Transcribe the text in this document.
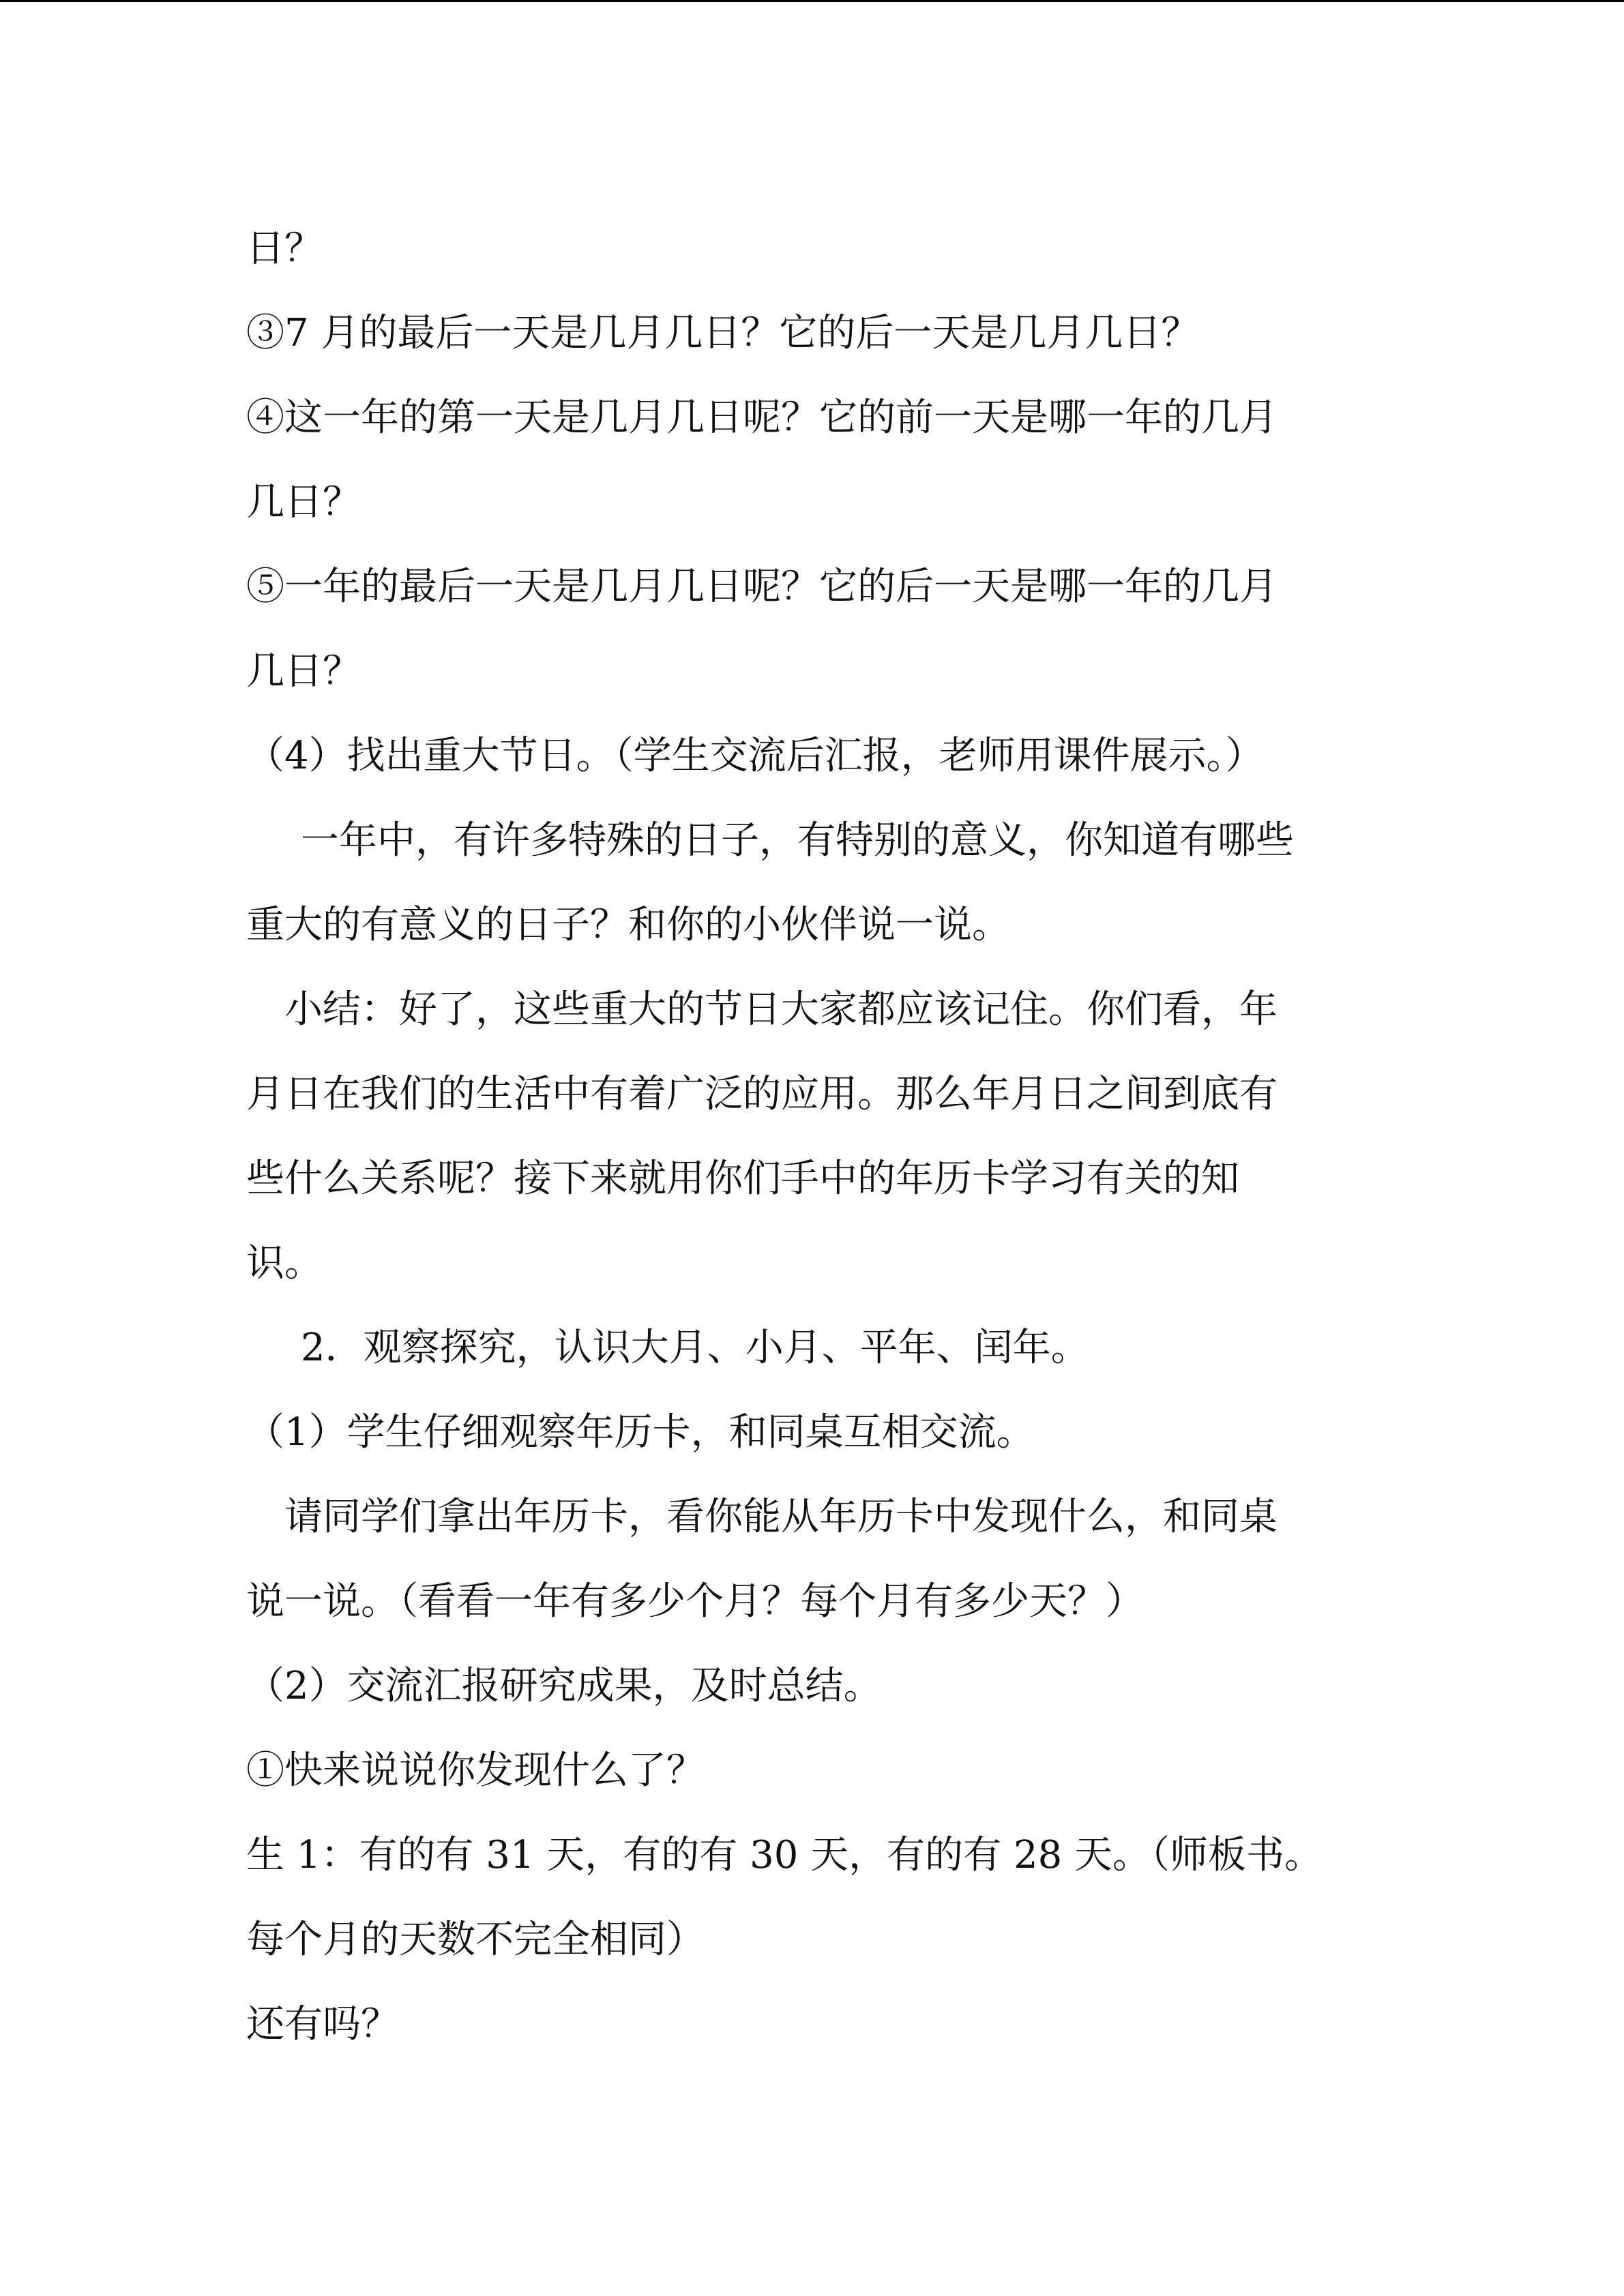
日？
③7 月的最后一天是几月几日？它的后一天是几月几日？
④这一年的第一天是几月几日呢？它的前一天是哪一年的几月
几日？
⑤一年的最后一天是几月几日呢？它的后一天是哪一年的几月
几日？
（4）找出重大节日。（学生交流后汇报，老师用课件展示。）
一年中，有许多特殊的日子，有特别的意义，你知道有哪些
重大的有意义的日子？和你的小伙伴说一说。
小结：好了，这些重大的节日大家都应该记住。你们看，年
月日在我们的生活中有着广泛的应用。那么年月日之间到底有
些什么关系呢？接下来就用你们手中的年历卡学习有关的知
识。
2．观察探究，认识大月、小月、平年、闰年。
（1）学生仔细观察年历卡，和同桌互相交流。
请同学们拿出年历卡，看你能从年历卡中发现什么，和同桌
说一说。（看看一年有多少个月？每个月有多少天？）
（2）交流汇报研究成果，及时总结。
①快来说说你发现什么了？
生 1：有的有 31 天，有的有 30 天，有的有 28 天。（师板书。
每个月的天数不完全相同）
还有吗？
